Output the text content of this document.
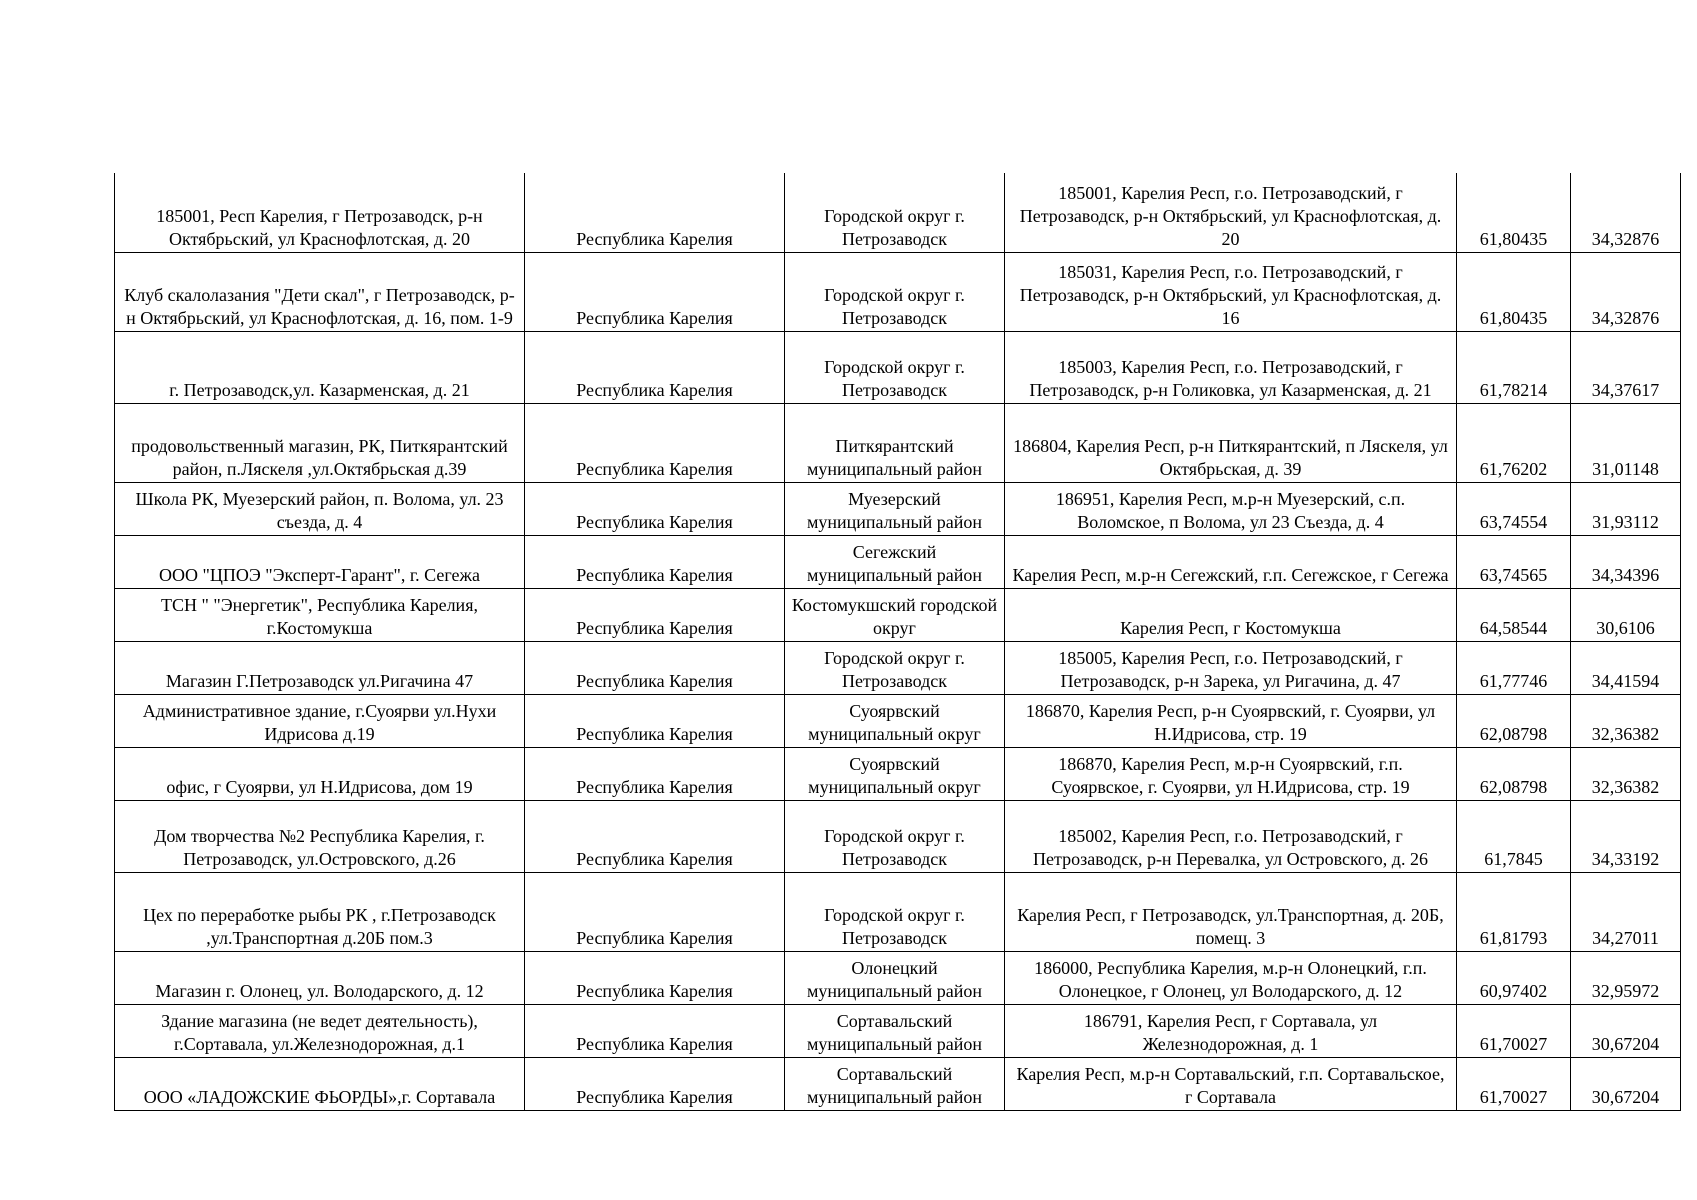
185001, Респ Карелия, г Петрозаводск, р-н Октябрьский, ул Краснофлотская, д. 20	Республика Карелия	Городской округ г. Петрозаводск	185001, Карелия Респ, г.о. Петрозаводский, г Петрозаводск, р-н Октябрьский, ул Краснофлотская, д. 20	61,80435	34,32876
Клуб скалолазания "Дети скал", г Петрозаводск, р-н Октябрьский, ул Краснофлотская, д. 16, пом. 1-9	Республика Карелия	Городской округ г. Петрозаводск	185031, Карелия Респ, г.о. Петрозаводский, г Петрозаводск, р-н Октябрьский, ул Краснофлотская, д. 16	61,80435	34,32876
г. Петрозаводск,ул. Казарменская, д. 21	Республика Карелия	Городской округ г. Петрозаводск	185003, Карелия Респ, г.о. Петрозаводский, г Петрозаводск, р-н Голиковка, ул Казарменская, д. 21	61,78214	34,37617
продовольственный магазин, РК, Питкярантский район, п.Ляскеля ,ул.Октябрьская д.39	Республика Карелия	Питкярантский муниципальный район	186804, Карелия Респ, р-н Питкярантский, п Ляскеля, ул Октябрьская, д. 39	61,76202	31,01148
Школа РК, Муезерский район, п. Волома, ул. 23 съезда, д. 4	Республика Карелия	Муезерский муниципальный район	186951, Карелия Респ, м.р-н Муезерский, с.п. Воломское, п Волома, ул 23 Съезда, д. 4	63,74554	31,93112
ООО "ЦПОЭ "Эксперт-Гарант", г. Сегежа	Республика Карелия	Сегежский муниципальный район	Карелия Респ, м.р-н Сегежский, г.п. Сегежское, г Сегежа	63,74565	34,34396
ТСН " "Энергетик", Республика Карелия, г.Костомукша	Республика Карелия	Костомукшский городской округ	Карелия Респ, г Костомукша	64,58544	30,6106
Магазин Г.Петрозаводск ул.Ригачина 47	Республика Карелия	Городской округ г. Петрозаводск	185005, Карелия Респ, г.о. Петрозаводский, г Петрозаводск, р-н Зарека, ул Ригачина, д. 47	61,77746	34,41594
Административное здание, г.Суоярви ул.Нухи Идрисова д.19	Республика Карелия	Суоярвский муниципальный округ	186870, Карелия Респ, р-н Суоярвский, г. Суоярви, ул Н.Идрисова, стр. 19	62,08798	32,36382
офис, г Суоярви, ул Н.Идрисова, дом 19	Республика Карелия	Суоярвский муниципальный округ	186870, Карелия Респ, м.р-н Суоярвский, г.п. Суоярвское, г. Суоярви, ул Н.Идрисова, стр. 19	62,08798	32,36382
Дом творчества №2 Республика Карелия, г. Петрозаводск, ул.Островского, д.26	Республика Карелия	Городской округ г. Петрозаводск	185002, Карелия Респ, г.о. Петрозаводский, г Петрозаводск, р-н Перевалка, ул Островского, д. 26	61,7845	34,33192
Цех по переработке рыбы РК , г.Петрозаводск ,ул.Транспортная д.20Б пом.3	Республика Карелия	Городской округ г. Петрозаводск	Карелия Респ, г Петрозаводск, ул.Транспортная, д. 20Б, помещ. 3	61,81793	34,27011
Магазин г. Олонец, ул. Володарского, д. 12	Республика Карелия	Олонецкий муниципальный район	186000, Республика Карелия, м.р-н Олонецкий, г.п. Олонецкое, г Олонец, ул Володарского, д. 12	60,97402	32,95972
Здание магазина (не ведет деятельность), г.Сортавала, ул.Железнодорожная, д.1	Республика Карелия	Сортавальский муниципальный район	186791, Карелия Респ, г Сортавала, ул Железнодорожная, д. 1	61,70027	30,67204
ООО «ЛАДОЖСКИЕ ФЬОРДЫ»,г. Сортавала	Республика Карелия	Сортавальский муниципальный район	Карелия Респ, м.р-н Сортавальский, г.п. Сортавальское, г Сортавала	61,70027	30,67204
